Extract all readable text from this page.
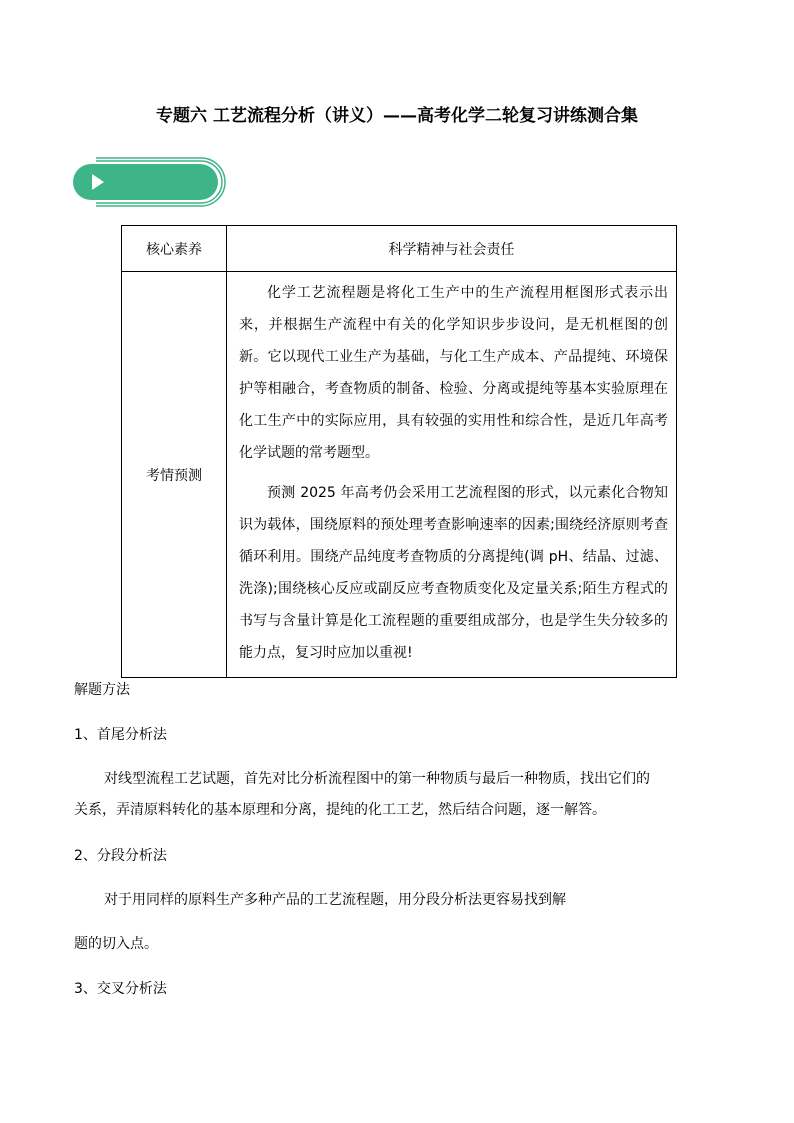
专题六 工艺流程分析（讲义）——高考化学二轮复习讲练测合集
核心素养	科学精神与社会责任
考情预测	化学工艺流程题是将化工生产中的生产流程用框图形式表示出来，并根据生产流程中有关的化学知识步步设问，是无机框图的创新。它以现代工业生产为基础，与化工生产成本、产品提纯、环境保护等相融合，考查物质的制备、检验、分离或提纯等基本实验原理在化工生产中的实际应用，具有较强的实用性和综合性，是近几年高考化学试题的常考题型。

预测 2025 年高考仍会采用工艺流程图的形式，以元素化合物知识为载体，围绕原料的预处理考查影响速率的因素;围绕经济原则考查循环利用。围绕产品纯度考查物质的分离提纯(调 pH、结晶、过滤、洗涤);围绕核心反应或副反应考查物质变化及定量关系;陌生方程式的书写与含量计算是化工流程题的重要组成部分，也是学生失分较多的能力点，复习时应加以重视!

解题方法
1、首尾分析法
对线型流程工艺试题，首先对比分析流程图中的第一种物质与最后一种物质，找出它们的
关系，弄清原料转化的基本原理和分离，提纯的化工工艺，然后结合问题，逐一解答。
2、分段分析法
对于用同样的原料生产多种产品的工艺流程题，用分段分析法更容易找到解
题的切入点。
3、交叉分析法
